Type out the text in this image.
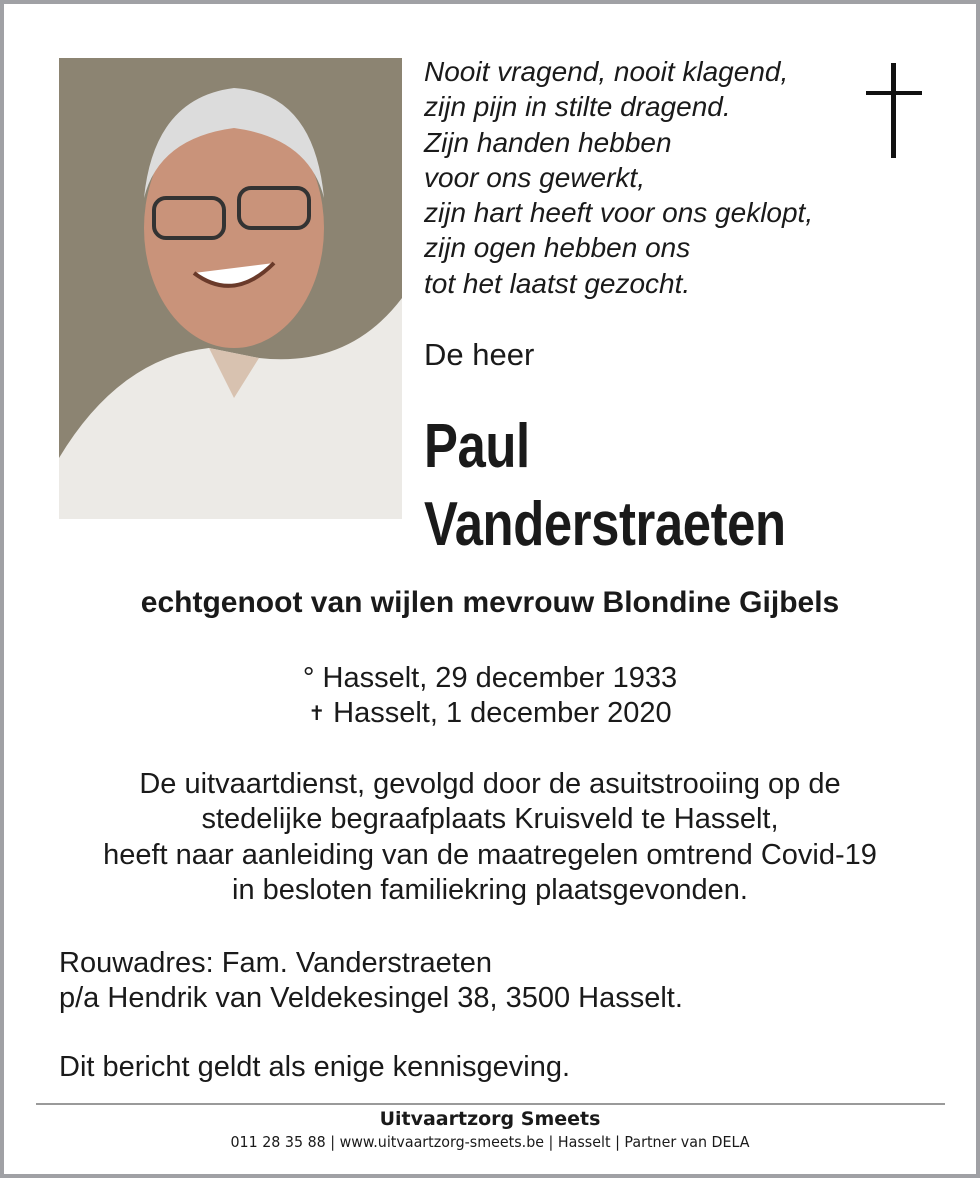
Nooit vragend, nooit klagend,
zijn pijn in stilte dragend.
Zijn handen hebben
voor ons gewerkt,
zijn hart heeft voor ons geklopt,
zijn ogen hebben ons
tot het laatst gezocht.
De heer
Paul
Vanderstraeten
echtgenoot van wijlen mevrouw Blondine Gijbels
° Hasselt, 29 december 1933
✝ Hasselt, 1 december 2020
De uitvaartdienst, gevolgd door de asuitstrooiing op de
stedelijke begraafplaats Kruisveld te Hasselt,
heeft naar aanleiding van de maatregelen omtrend Covid-19
in besloten familiekring plaatsgevonden.
Rouwadres: Fam. Vanderstraeten
p/a Hendrik van Veldekesingel 38, 3500 Hasselt.
Dit bericht geldt als enige kennisgeving.
Uitvaartzorg Smeets
011 28 35 88 | www.uitvaartzorg-smeets.be | Hasselt | Partner van DELA
